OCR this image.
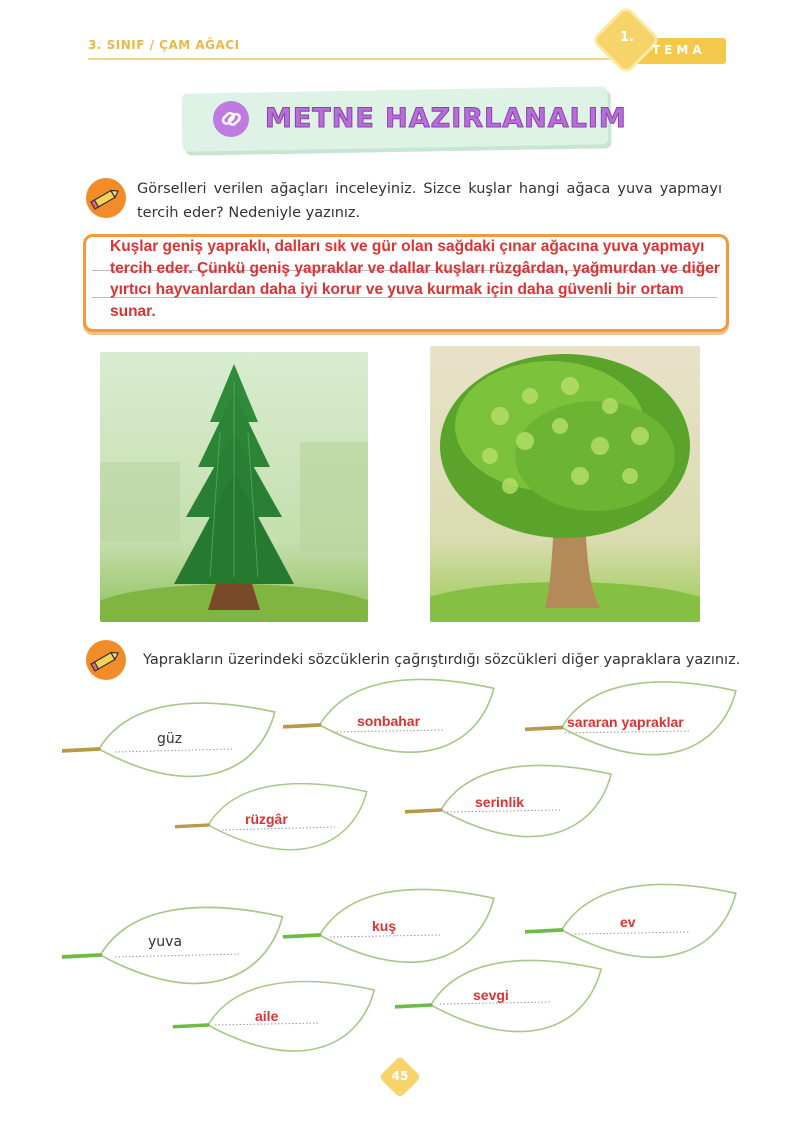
3. SINIF / ÇAM AĞACI	1.
TEMA
METNE HAZIRLANALIM
Görselleri verilen ağaçları inceleyiniz. Sizce kuşlar hangi ağaca yuva yapmayı tercih eder? Nedeniyle yazınız.
Kuşlar geniş yapraklı, dalları sık ve gür olan sağdaki çınar ağacına yuva yapmayı tercih eder. Çünkü geniş yapraklar ve dallar kuşları rüzgârdan, yağmurdan ve diğer yırtıcı hayvanlardan daha iyi korur ve yuva kurmak için daha güvenli bir ortam sunar.
Yaprakların üzerindeki sözcüklerin çağrıştırdığı sözcükleri diğer yapraklara yazınız.
güz
sonbahar	sararan yapraklar
rüzgâr
serinlik
yuva
kuş	ev
aile
sevgi
45
